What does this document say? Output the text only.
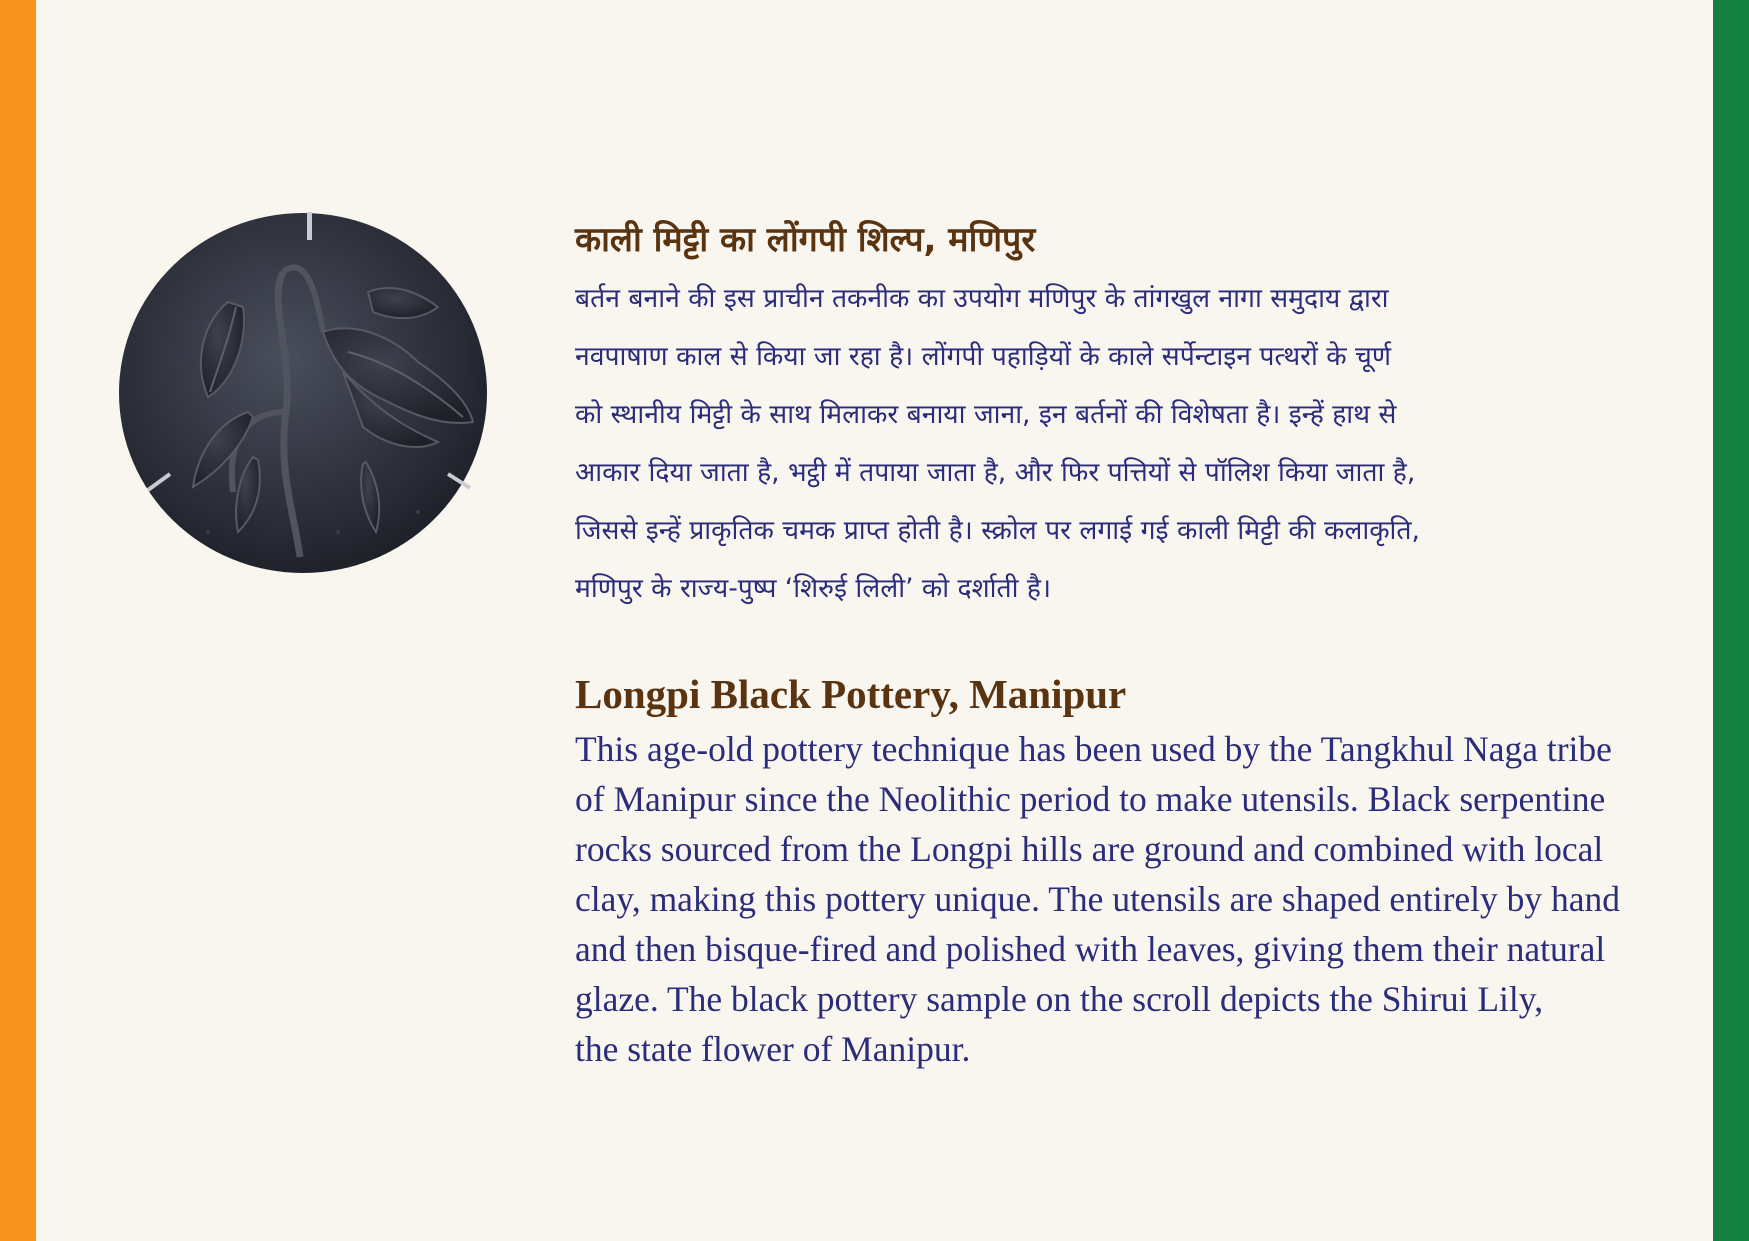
काली मिट्टी का लोंगपी शिल्प, मणिपुर

बर्तन बनाने की इस प्राचीन तकनीक का उपयोग मणिपुर के तांगखुल नागा समुदाय द्वारा
नवपाषाण काल से किया जा रहा है। लोंगपी पहाड़ियों के काले सर्पेन्टाइन पत्थरों के चूर्ण
को स्थानीय मिट्टी के साथ मिलाकर बनाया जाना, इन बर्तनों की विशेषता है। इन्हें हाथ से
आकार दिया जाता है, भट्ठी में तपाया जाता है, और फिर पत्तियों से पॉलिश किया जाता है,
जिससे इन्हें प्राकृतिक चमक प्राप्त होती है। स्क्रोल पर लगाई गई काली मिट्टी की कलाकृति,
मणिपुर के राज्य-पुष्प ‘शिरुई लिली’ को दर्शाती है।

Longpi Black Pottery, Manipur

This age-old pottery technique has been used by the Tangkhul Naga tribe
of Manipur since the Neolithic period to make utensils. Black serpentine
rocks sourced from the Longpi hills are ground and combined with local
clay, making this pottery unique. The utensils are shaped entirely by hand
and then bisque-fired and polished with leaves, giving them their natural
glaze. The black pottery sample on the scroll depicts the Shirui Lily,
the state flower of Manipur.
